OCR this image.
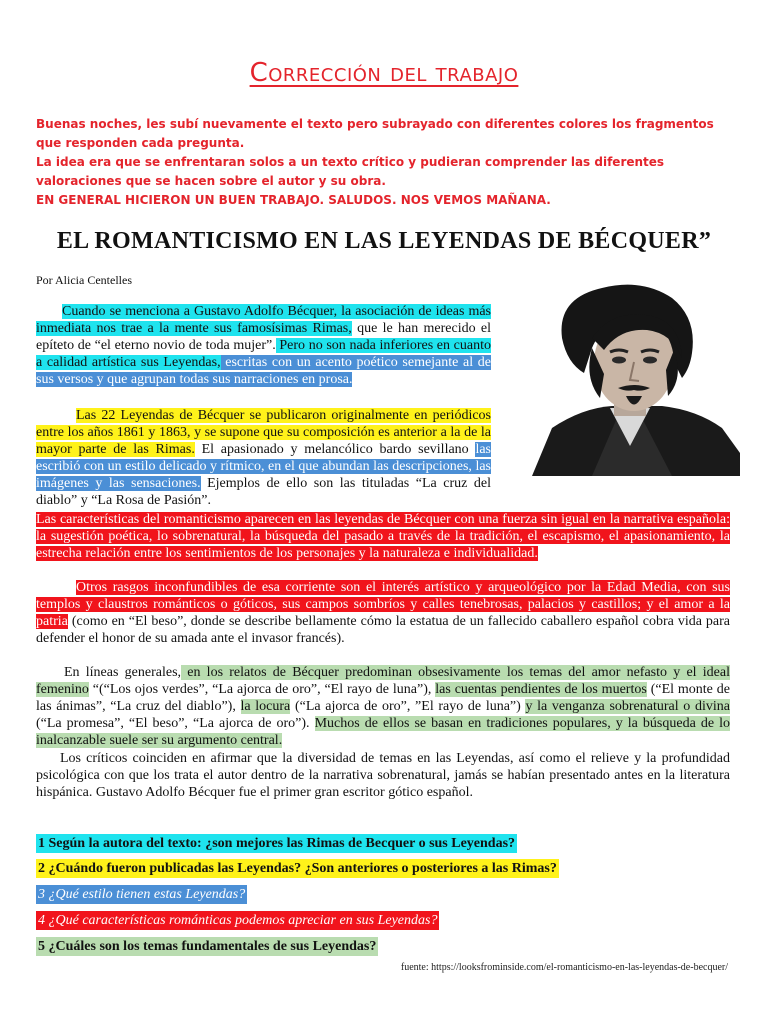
Corrección del trabajo
Buenas noches, les subí nuevamente el texto pero subrayado con diferentes colores los fragmentos que responden cada pregunta.
La idea era que se enfrentaran solos a un texto crítico y pudieran comprender las diferentes valoraciones que se hacen sobre el autor y su obra.
EN GENERAL HICIERON UN BUEN TRABAJO. SALUDOS. NOS VEMOS MAÑANA.
EL ROMANTICISMO EN LAS LEYENDAS DE BÉCQUER”
Por Alicia Centelles
Cuando se menciona a Gustavo Adolfo Bécquer, la asociación de ideas más inmediata nos trae a la mente sus famosísimas Rimas, que le han merecido el epíteto de “el eterno novio de toda mujer”. Pero no son nada inferiores en cuanto a calidad artística sus Leyendas, escritas con un acento poético semejante al de sus versos y que agrupan todas sus narraciones en prosa.
Las 22 Leyendas de Bécquer se publicaron originalmente en periódicos entre los años 1861 y 1863, y se supone que su composición es anterior a la de la mayor parte de las Rimas. El apasionado y melancólico bardo sevillano las escribió con un estilo delicado y rítmico, en el que abundan las descripciones, las imágenes y las sensaciones. Ejemplos de ello son las tituladas “La cruz del diablo” y “La Rosa de Pasión”.
Las características del romanticismo aparecen en las leyendas de Bécquer con una fuerza sin igual en la narrativa española: la sugestión poética, lo sobrenatural, la búsqueda del pasado a través de la tradición, el escapismo, el apasionamiento, la estrecha relación entre los sentimientos de los personajes y la naturaleza e individualidad.
Otros rasgos inconfundibles de esa corriente son el interés artístico y arqueológico por la Edad Media, con sus templos y claustros románticos o góticos, sus campos sombríos y calles tenebrosas, palacios y castillos; y el amor a la patria (como en “El beso”, donde se describe bellamente cómo la estatua de un fallecido caballero español cobra vida para defender el honor de su amada ante el invasor francés).
En líneas generales, en los relatos de Bécquer predominan obsesivamente los temas del amor nefasto y el ideal femenino “(“Los ojos verdes”, “La ajorca de oro”, “El rayo de luna”), las cuentas pendientes de los muertos (“El monte de las ánimas”, “La cruz del diablo”), la locura (“La ajorca de oro”, ”El rayo de luna”) y la venganza sobrenatural o divina (“La promesa”, “El beso”, “La ajorca de oro”). Muchos de ellos se basan en tradiciones populares, y la búsqueda de lo inalcanzable suele ser su argumento central.
Los críticos coinciden en afirmar que la diversidad de temas en las Leyendas, así como el relieve y la profundidad psicológica con que los trata el autor dentro de la narrativa sobrenatural, jamás se habían presentado antes en la literatura hispánica. Gustavo Adolfo Bécquer fue el primer gran escritor gótico español.
1 Según la autora del texto: ¿son mejores las Rimas de Becquer o sus Leyendas?
2 ¿Cuándo fueron publicadas las Leyendas? ¿Son anteriores o posteriores a las Rimas?
3 ¿Qué estilo tienen estas Leyendas?
4 ¿Qué características románticas podemos apreciar en sus Leyendas?
5 ¿Cuáles son los temas fundamentales de sus Leyendas?
fuente: https://looksfrominside.com/el-romanticismo-en-las-leyendas-de-becquer/
